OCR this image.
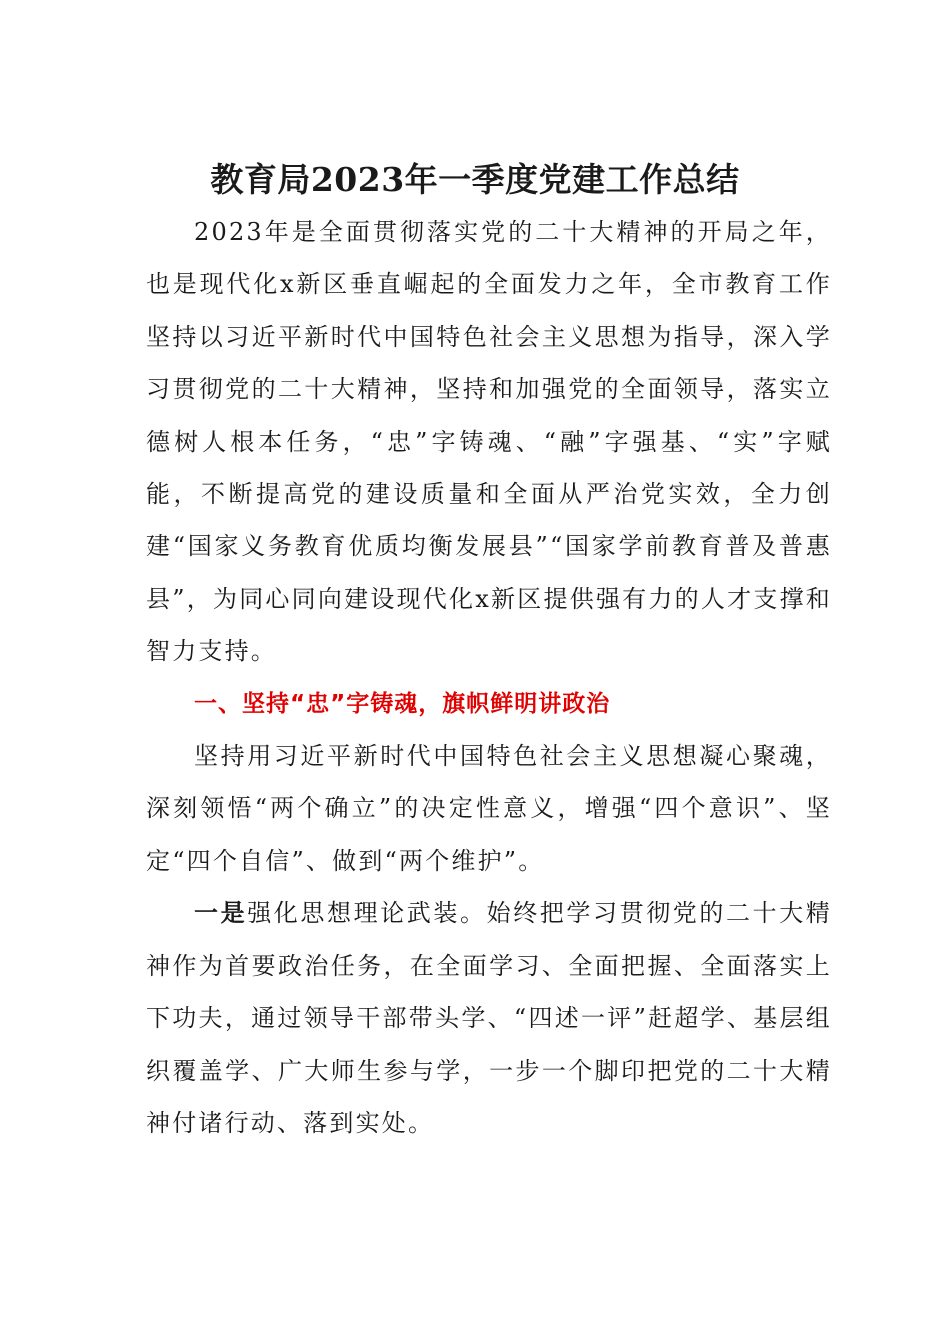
教育局2023年一季度党建工作总结

2023年是全面贯彻落实党的二十大精神的开局之年，也是现代化x新区垂直崛起的全面发力之年，全市教育工作坚持以习近平新时代中国特色社会主义思想为指导，深入学习贯彻党的二十大精神，坚持和加强党的全面领导，落实立德树人根本任务，“忠”字铸魂、“融”字强基、“实”字赋能，不断提高党的建设质量和全面从严治党实效，全力创建“国家义务教育优质均衡发展县”“国家学前教育普及普惠县”，为同心同向建设现代化x新区提供强有力的人才支撑和智力支持。

一、坚持“忠”字铸魂，旗帜鲜明讲政治

坚持用习近平新时代中国特色社会主义思想凝心聚魂，深刻领悟“两个确立”的决定性意义，增强“四个意识”、坚定“四个自信”、做到“两个维护”。

一是强化思想理论武装。始终把学习贯彻党的二十大精神作为首要政治任务，在全面学习、全面把握、全面落实上下功夫，通过领导干部带头学、“四述一评”赶超学、基层组织覆盖学、广大师生参与学，一步一个脚印把党的二十大精神付诸行动、落到实处。
